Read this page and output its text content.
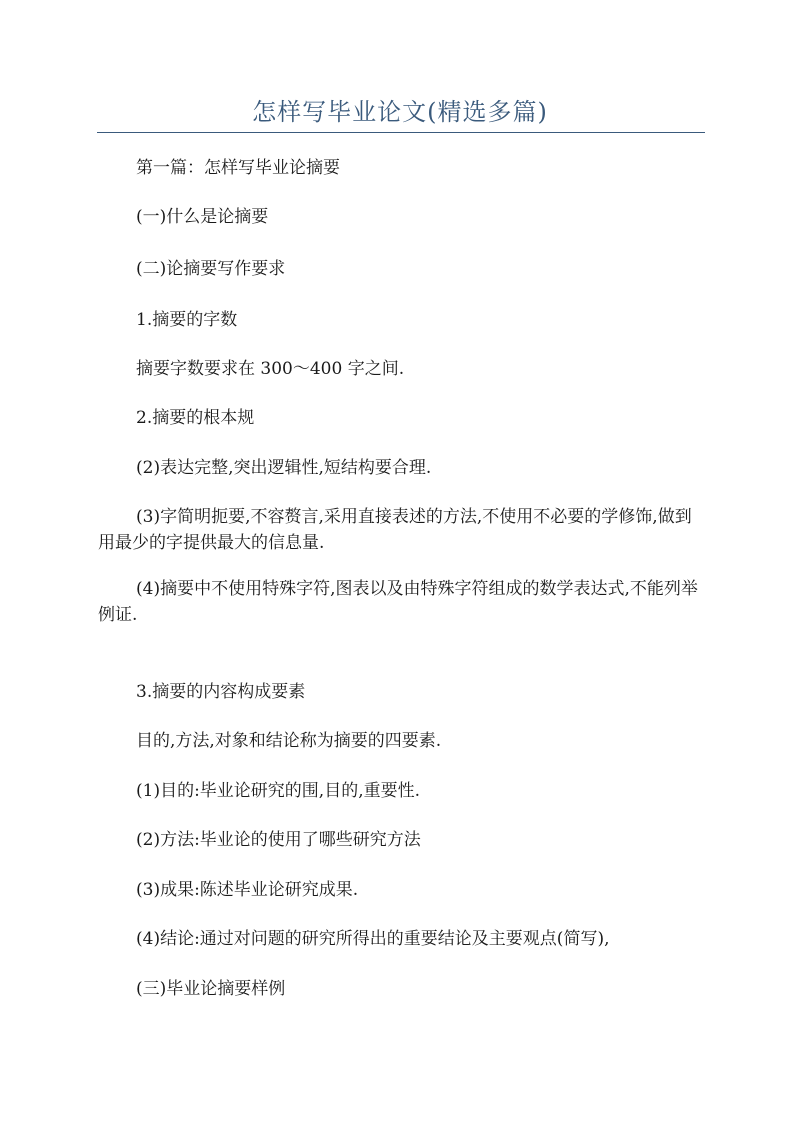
怎样写毕业论文(精选多篇)

第一篇：怎样写毕业论摘要

(一)什么是论摘要

(二)论摘要写作要求

1.摘要的字数

摘要字数要求在 300～400 字之间.

2.摘要的根本规

(2)表达完整,突出逻辑性,短结构要合理.

(3)字简明扼要,不容赘言,采用直接表述的方法,不使用不必要的学修饰,做到用最少的字提供最大的信息量.

(4)摘要中不使用特殊字符,图表以及由特殊字符组成的数学表达式,不能列举例证.

3.摘要的内容构成要素

目的,方法,对象和结论称为摘要的四要素.

(1)目的:毕业论研究的围,目的,重要性.

(2)方法:毕业论的使用了哪些研究方法

(3)成果:陈述毕业论研究成果.

(4)结论:通过对问题的研究所得出的重要结论及主要观点(简写),

(三)毕业论摘要样例
